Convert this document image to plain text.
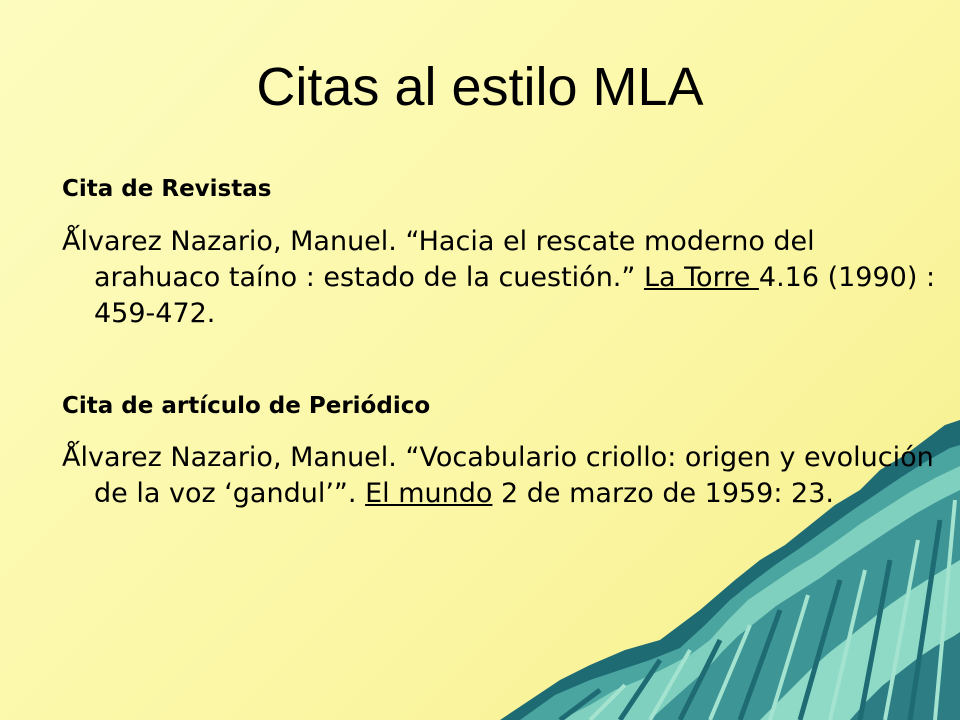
Citas al estilo MLA
Cita de Revistas

Ǻlvarez Nazario, Manuel. “Hacia el rescate moderno del arahuaco taíno : estado de la cuestión.” La Torre 4.16 (1990) : 459-472.

Cita de artículo de Periódico

Ǻlvarez Nazario, Manuel. “Vocabulario criollo: origen y evolución de la voz ‘gandul’”. El mundo 2 de marzo de 1959: 23.
